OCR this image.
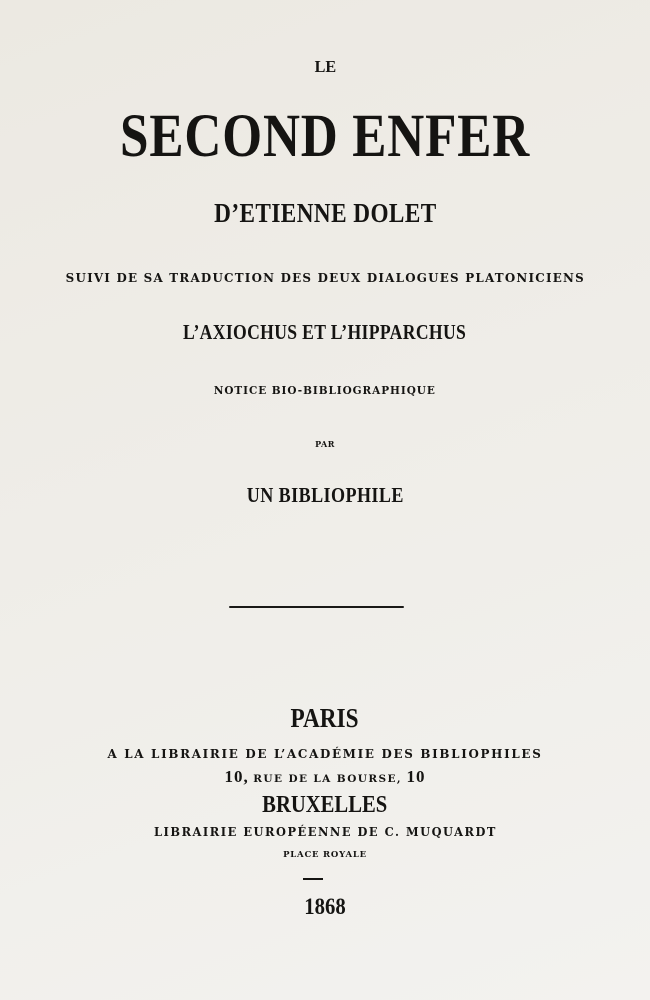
LE
SECOND ENFER
D’ETIENNE DOLET
SUIVI DE SA TRADUCTION DES DEUX DIALOGUES PLATONICIENS
L’AXIOCHUS ET L’HIPPARCHUS
NOTICE BIO-BIBLIOGRAPHIQUE
PAR
UN BIBLIOPHILE
PARIS
A LA LIBRAIRIE DE L’ACADÉMIE DES BIBLIOPHILES
10, RUE DE LA BOURSE, 10
BRUXELLES
LIBRAIRIE EUROPÉENNE DE C. MUQUARDT
PLACE ROYALE
1868
